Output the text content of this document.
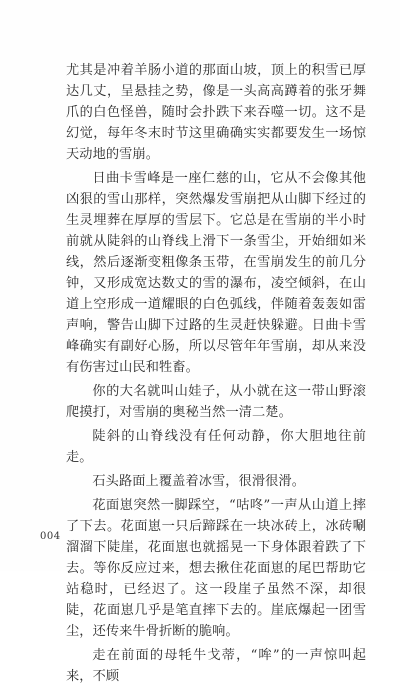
尤其是冲着羊肠小道的那面山坡，顶上的积雪已厚达几丈，呈悬挂之势，像是一头高高蹲着的张牙舞爪的白色怪兽，随时会扑跌下来吞噬一切。这不是幻觉，每年冬末时节这里确确实实都要发生一场惊天动地的雪崩。

日曲卡雪峰是一座仁慈的山，它从不会像其他凶狠的雪山那样，突然爆发雪崩把从山脚下经过的生灵埋葬在厚厚的雪层下。它总是在雪崩的半小时前就从陡斜的山脊线上滑下一条雪尘，开始细如米线，然后逐渐变粗像条玉带，在雪崩发生的前几分钟，又形成宽达数丈的雪的瀑布，凌空倾斜，在山道上空形成一道耀眼的白色弧线，伴随着轰轰如雷声响，警告山脚下过路的生灵赶快躲避。日曲卡雪峰确实有副好心肠，所以尽管年年雪崩，却从来没有伤害过山民和牲畜。

你的大名就叫山娃子，从小就在这一带山野滚爬摸打，对雪崩的奥秘当然一清二楚。

陡斜的山脊线没有任何动静，你大胆地往前走。

石头路面上覆盖着冰雪，很滑很滑。

花面崽突然一脚踩空，“咕咚”一声从山道上摔了下去。花面崽一只后蹄踩在一块冰砖上，冰砖唰溜溜下陡崖，花面崽也就摇晃一下身体跟着跌了下去。等你反应过来，想去揪住花面崽的尾巴帮助它站稳时，已经迟了。这一段崖子虽然不深，却很陡，花面崽几乎是笔直摔下去的。崖底爆起一团雪尘，还传来牛骨折断的脆响。

走在前面的母牦牛戈蒂，“哞”的一声惊叫起来，不顾

004
